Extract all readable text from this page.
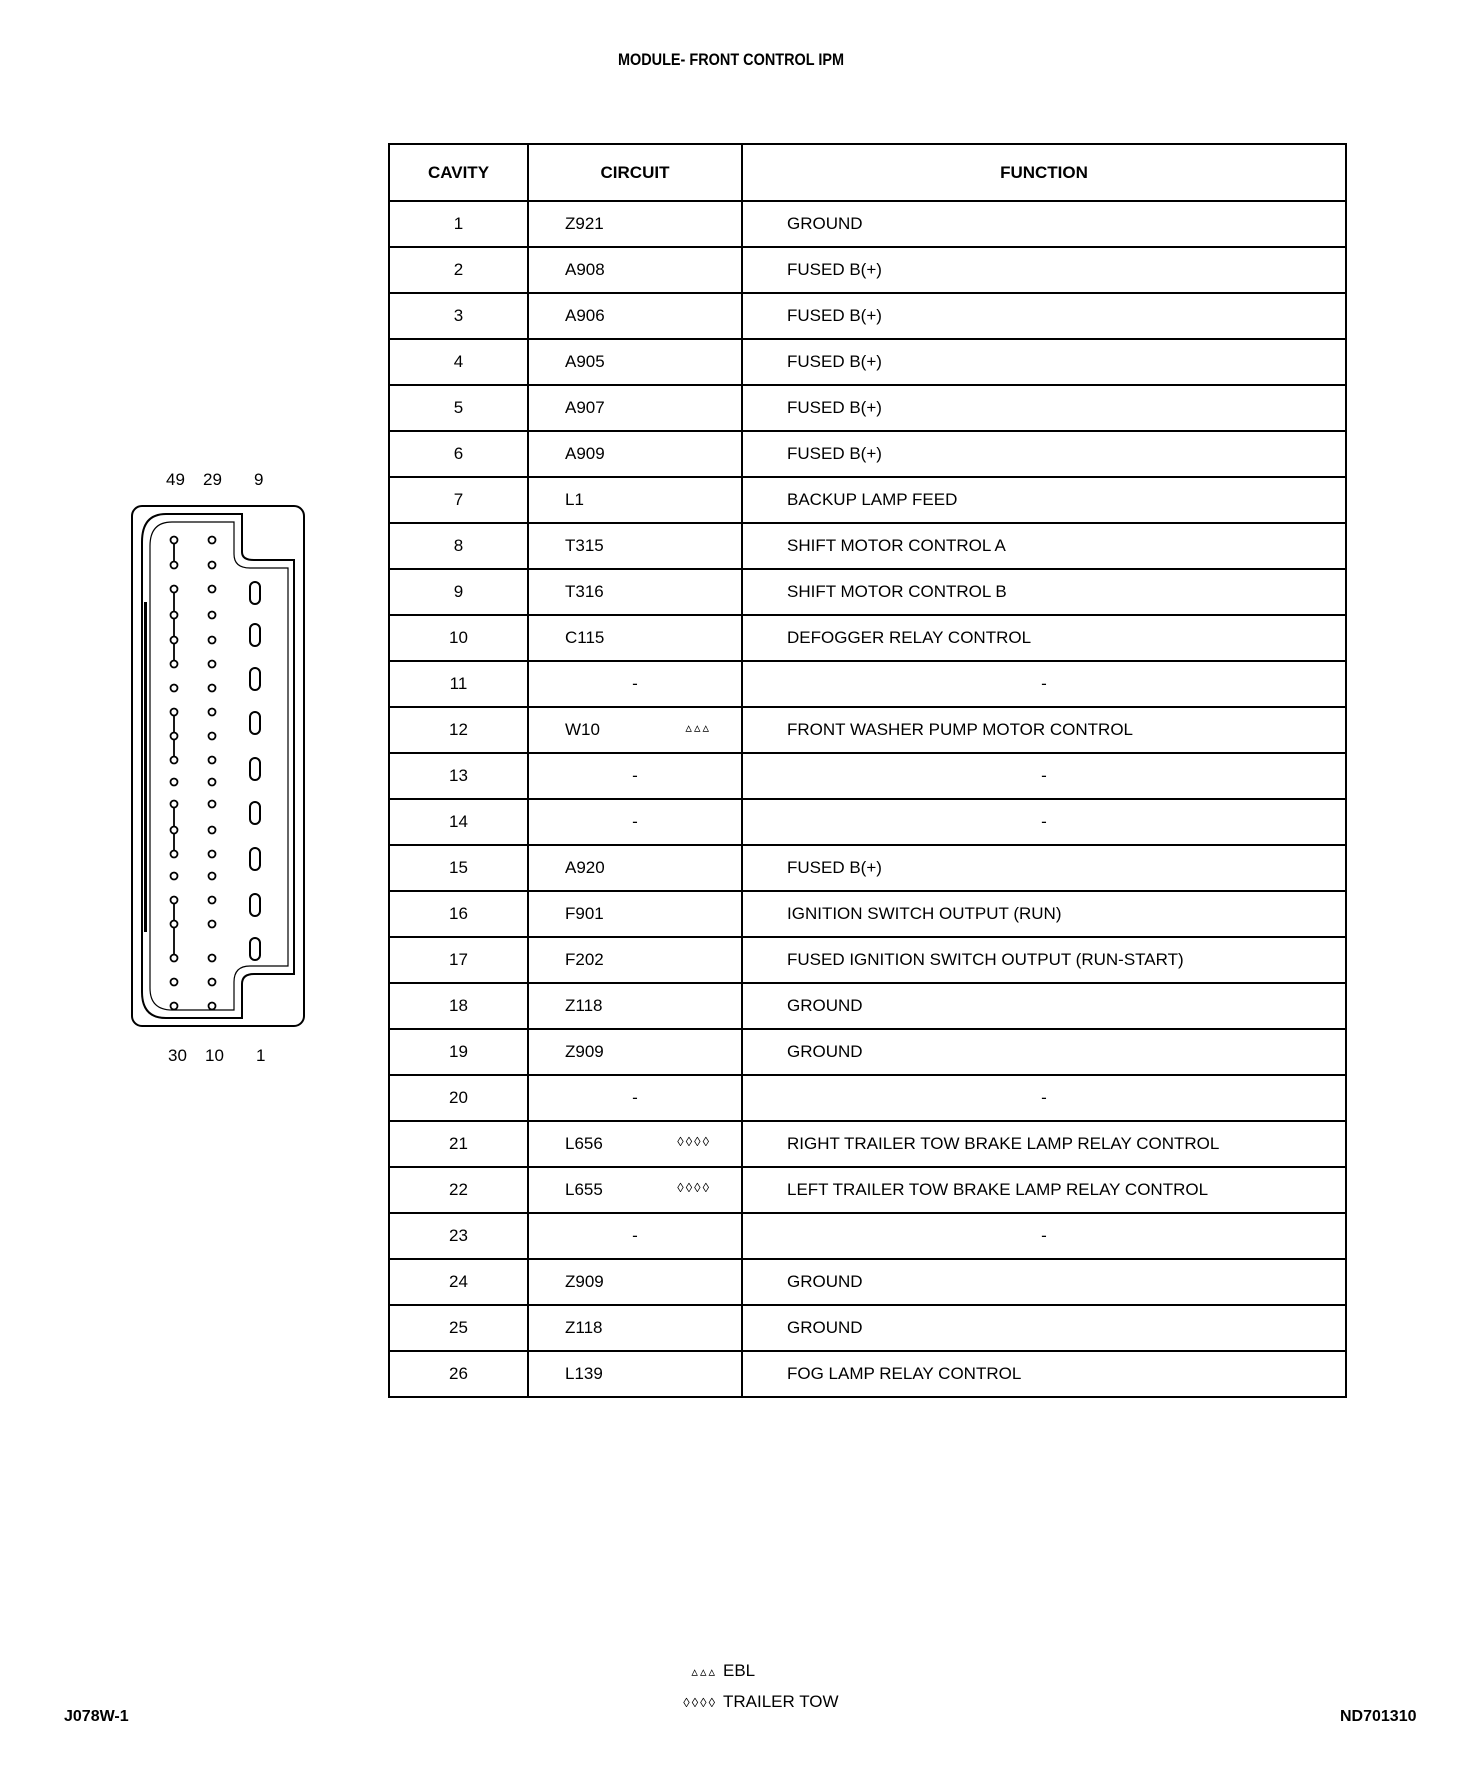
MODULE- FRONT CONTROL IPM
49 29 9
30 10 1
CAVITY	CIRCUIT	FUNCTION
1	Z921	GROUND
2	A908	FUSED B(+)
3	A906	FUSED B(+)
4	A905	FUSED B(+)
5	A907	FUSED B(+)
6	A909	FUSED B(+)
7	L1	BACKUP LAMP FEED
8	T315	SHIFT MOTOR CONTROL A
9	T316	SHIFT MOTOR CONTROL B
10	C115	DEFOGGER RELAY CONTROL
11	-	-
12	W10 ▵▵▵	FRONT WASHER PUMP MOTOR CONTROL
13	-	-
14	-	-
15	A920	FUSED B(+)
16	F901	IGNITION SWITCH OUTPUT (RUN)
17	F202	FUSED IGNITION SWITCH OUTPUT (RUN-START)
18	Z118	GROUND
19	Z909	GROUND
20	-	-
21	L656 ◊◊◊◊	RIGHT TRAILER TOW BRAKE LAMP RELAY CONTROL
22	L655 ◊◊◊◊	LEFT TRAILER TOW BRAKE LAMP RELAY CONTROL
23	-	-
24	Z909	GROUND
25	Z118	GROUND
26	L139	FOG LAMP RELAY CONTROL
▵▵▵ EBL
◊◊◊◊ TRAILER TOW
J078W-1	ND701310
